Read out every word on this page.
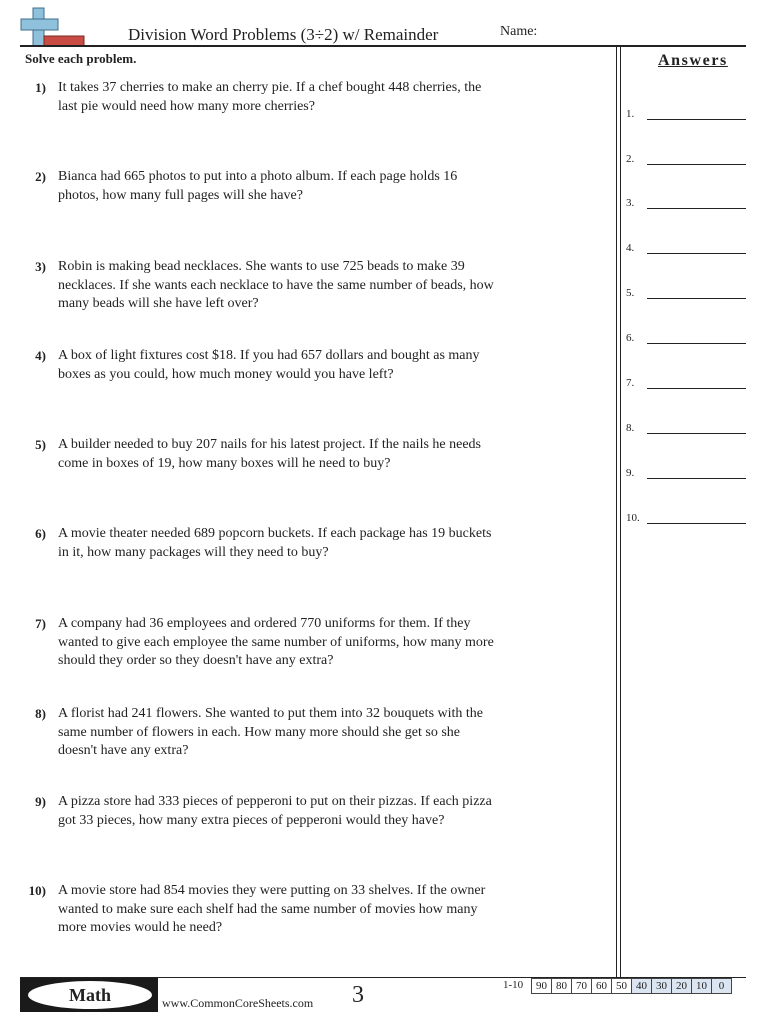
Division Word Problems (3÷2) w/ Remainder	Name:
Solve each problem.
1) It takes 37 cherries to make an cherry pie. If a chef bought 448 cherries, the last pie would need how many more cherries?
2) Bianca had 665 photos to put into a photo album. If each page holds 16 photos, how many full pages will she have?
3) Robin is making bead necklaces. She wants to use 725 beads to make 39 necklaces. If she wants each necklace to have the same number of beads, how many beads will she have left over?
4) A box of light fixtures cost $18. If you had 657 dollars and bought as many boxes as you could, how much money would you have left?
5) A builder needed to buy 207 nails for his latest project. If the nails he needs come in boxes of 19, how many boxes will he need to buy?
6) A movie theater needed 689 popcorn buckets. If each package has 19 buckets in it, how many packages will they need to buy?
7) A company had 36 employees and ordered 770 uniforms for them. If they wanted to give each employee the same number of uniforms, how many more should they order so they doesn't have any extra?
8) A florist had 241 flowers. She wanted to put them into 32 bouquets with the same number of flowers in each. How many more should she get so she doesn't have any extra?
9) A pizza store had 333 pieces of pepperoni to put on their pizzas. If each pizza got 33 pieces, how many extra pieces of pepperoni would they have?
10) A movie store had 854 movies they were putting on 33 shelves. If the owner wanted to make sure each shelf had the same number of movies how many more movies would he need?
Answers
1.
2.
3.
4.
5.
6.
7.
8.
9.
10.
Math	www.CommonCoreSheets.com 3	1-10	90 80 70 60 50 40 30 20 10	0
